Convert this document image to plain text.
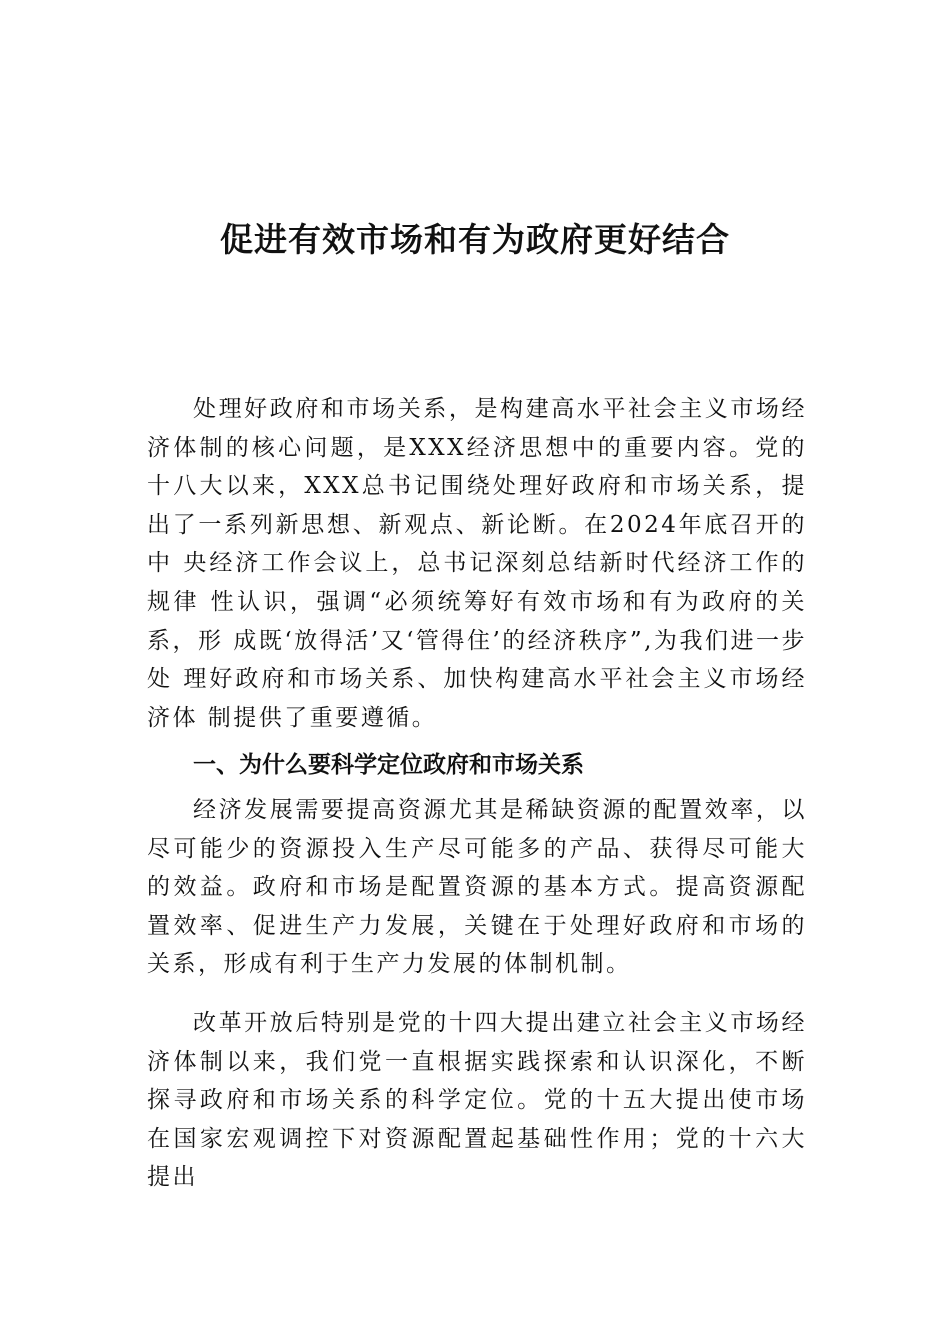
促进有效市场和有为政府更好结合

处理好政府和市场关系，是构建高水平社会主义市场经济体制的核心问题，是XXX经济思想中的重要内容。党的十八大以来，XXX总书记围绕处理好政府和市场关系，提出了一系列新思想、新观点、新论断。在2024年底召开的中 央经济工作会议上，总书记深刻总结新时代经济工作的规律 性认识，强调“必须统筹好有效市场和有为政府的关系，形 成既‘放得活’又‘管得住’的经济秩序”,为我们进一步处 理好政府和市场关系、加快构建高水平社会主义市场经济体 制提供了重要遵循。

一、为什么要科学定位政府和市场关系

经济发展需要提高资源尤其是稀缺资源的配置效率，以尽可能少的资源投入生产尽可能多的产品、获得尽可能大的效益。政府和市场是配置资源的基本方式。提高资源配置效率、促进生产力发展，关键在于处理好政府和市场的关系，形成有利于生产力发展的体制机制。

改革开放后特别是党的十四大提出建立社会主义市场经济体制以来，我们党一直根据实践探索和认识深化，不断探寻政府和市场关系的科学定位。党的十五大提出使市场在国家宏观调控下对资源配置起基础性作用；党的十六大提出
